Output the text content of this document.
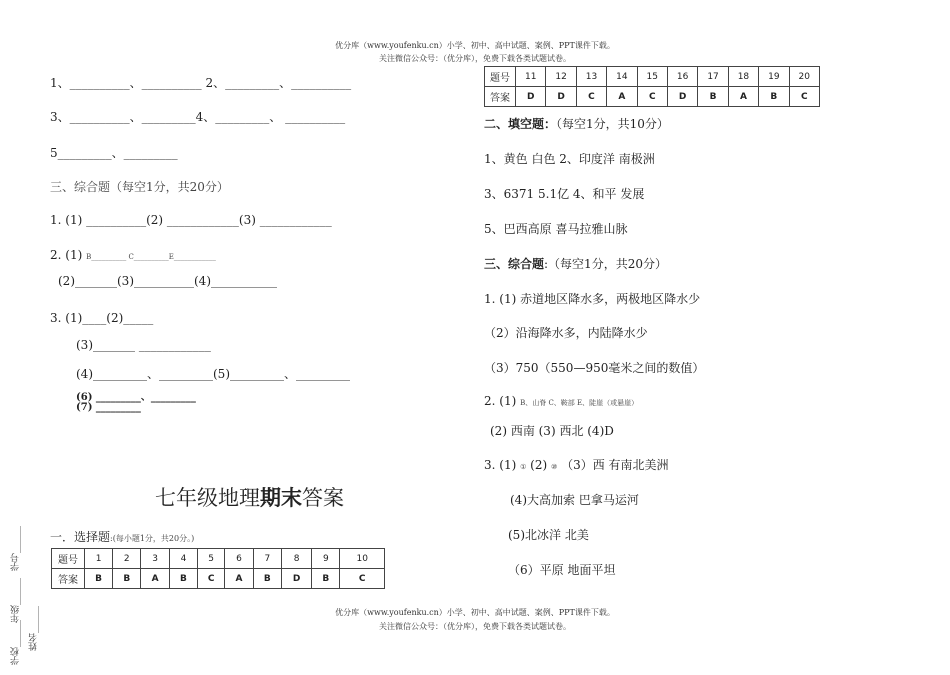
优分库（www.youfenku.cn）小学、初中、高中试题、案例、PPT课件下载。
关注微信公众号：（优分库），免费下载各类试题试卷。
1、__________、__________ 2、_________、__________
3、__________、_________4、_________、 __________
5_________、_________
三、综合题（每空1分，共20分）
1. (1) __________(2) ____________(3) ____________
2. (1) B__________ C__________E____________
(2)_______(3)__________(4)___________
3. (1)____(2)_____
(3)_______ ____________
(4)_________、_________(5)_________、_________
(6) _________、_________
(7) _________
七年级地理期末答案
一．选择题:(每小题1分，共20分。)
题号	1	2	3	4	5	6	7	8	9	10
答案	B	B	A	B	C	A	B	D	B	C
学校______
年级______
姓名______
学号______
题号	11	12	13	14	15	16	17	18	19	20
答案	D	D	C	A	C	D	B	A	B	C
二、填空题：（每空1分，共10分）
1、黄色 白色 2、印度洋 南极洲
3、6371 5.1亿 4、和平 发展
5、巴西高原 喜马拉雅山脉
三、综合题:（每空1分，共20分）
1. (1) 赤道地区降水多，两极地区降水少
（2）沿海降水多，内陆降水少
（3）750（550—950毫米之间的数值）
2. (1) B、山脊 C、鞍部 E、陡崖（或悬崖）
(2) 西南 (3) 西北 (4)D
3. (1) ① (2) ⑩ （3）西 有南北美洲
(4)大高加索 巴拿马运河
(5)北冰洋 北美
（6）平原 地面平坦
优分库（www.youfenku.cn）小学、初中、高中试题、案例、PPT课件下载。
关注微信公众号：（优分库），免费下载各类试题试卷。
